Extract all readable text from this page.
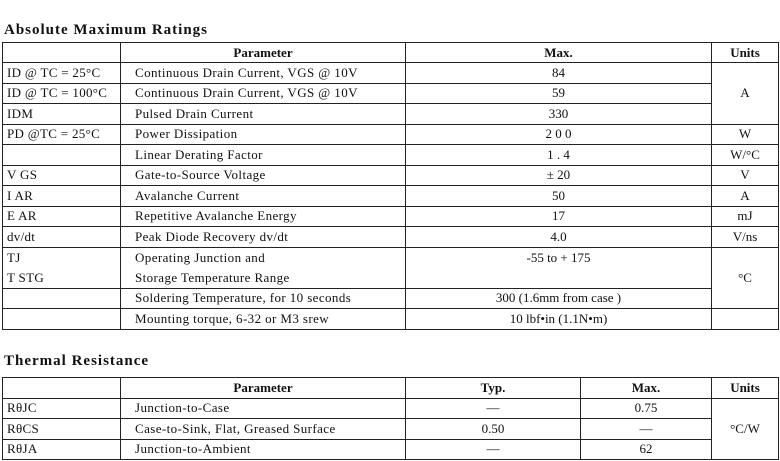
Absolute Maximum Ratings
	Parameter	Max.	Units
ID @ TC = 25°C	Continuous Drain Current, VGS @ 10V	84	A
ID @ TC = 100°C	Continuous Drain Current, VGS @ 10V	59	
IDM	Pulsed Drain Current	330	
PD @TC = 25°C	Power Dissipation	2 0 0	W
	Linear Derating Factor	1 . 4	W/°C
V GS	Gate-to-Source Voltage	± 20	V
I AR	Avalanche Current	50	A
E AR	Repetitive Avalanche Energy	17	mJ
dv/dt	Peak Diode Recovery dv/dt	4.0	V/ns
TJ	Operating Junction and	-55 to + 175	°C
T STG	Storage Temperature Range		
	Soldering Temperature, for 10 seconds	300 (1.6mm from case )	
	Mounting torque, 6-32 or M3 srew	10 lbf•in (1.1N•m)	
Thermal Resistance
	Parameter	Typ.	Max.	Units
RθJC	Junction-to-Case	—	0.75	°C/W
RθCS	Case-to-Sink, Flat, Greased Surface	0.50	—	
RθJA	Junction-to-Ambient	—	62	
